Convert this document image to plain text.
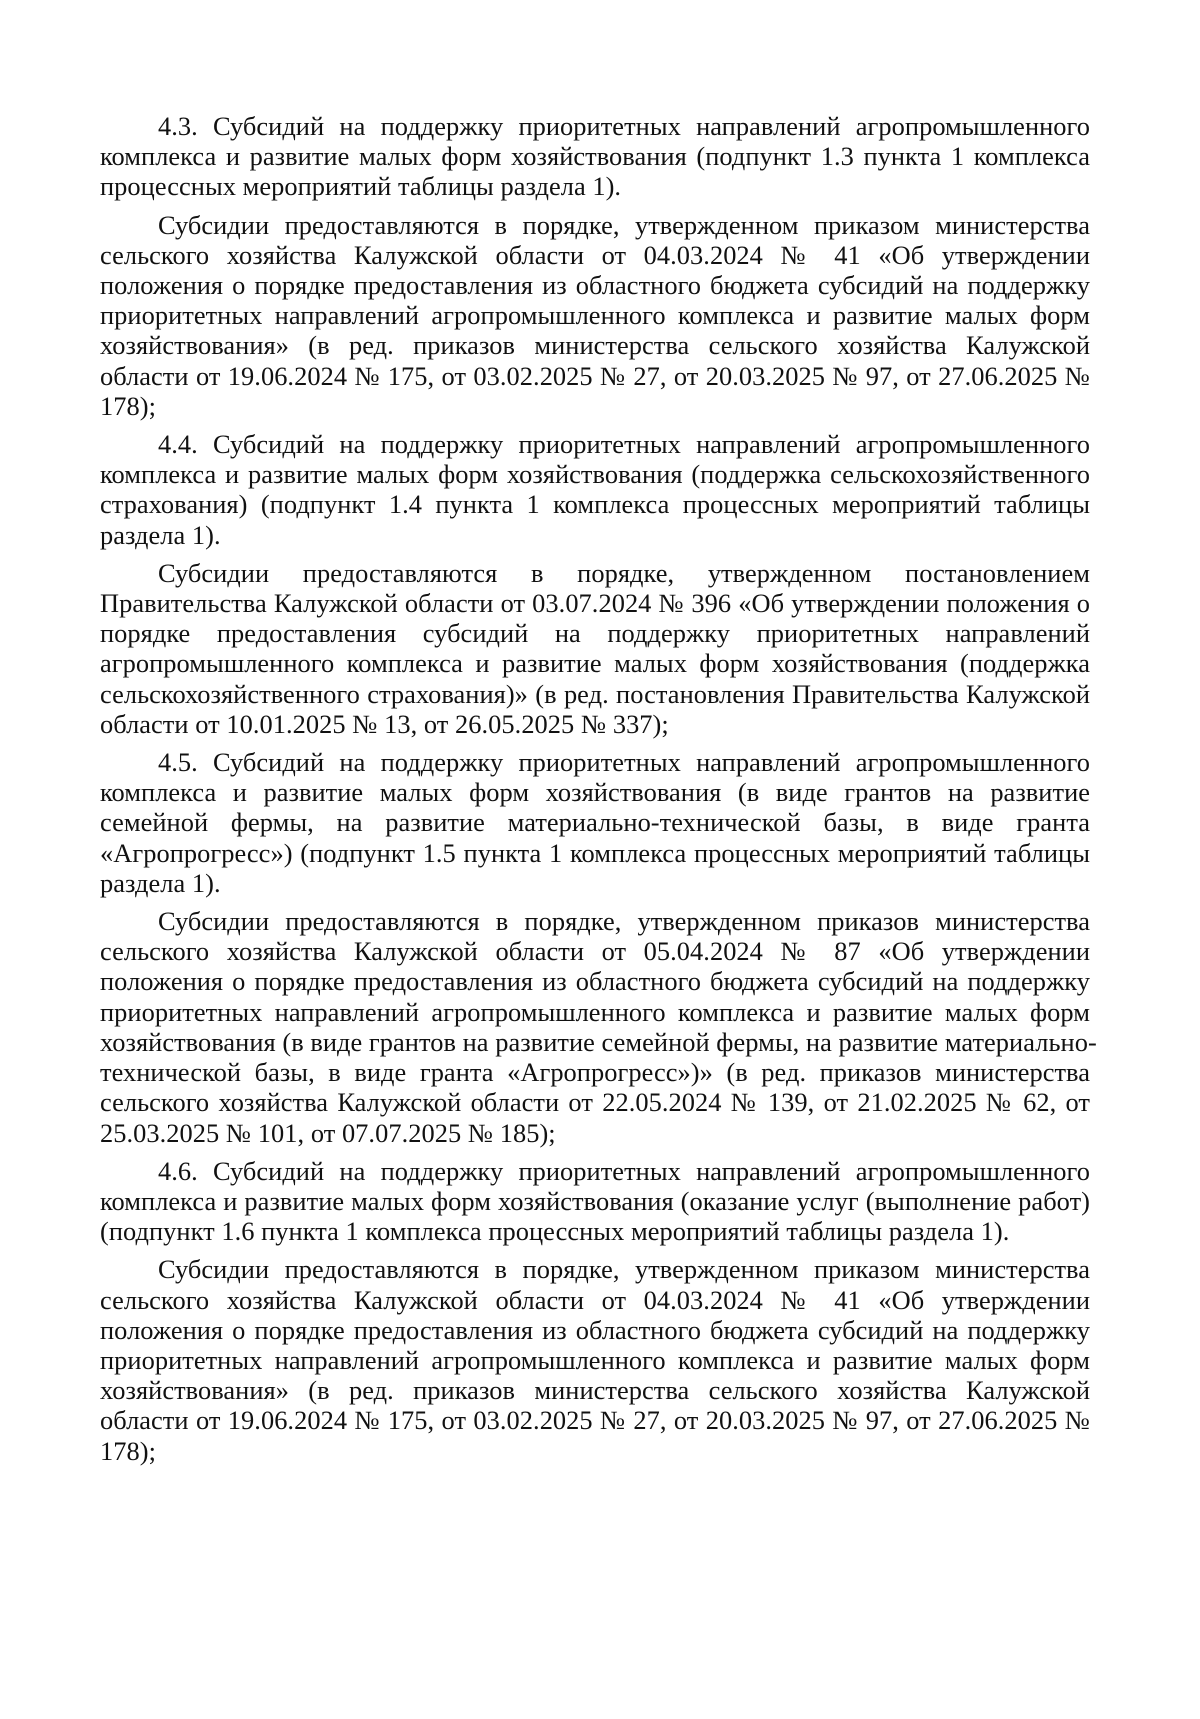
4.3. Субсидий на поддержку приоритетных направлений агропромышленного
комплекса и развитие малых форм хозяйствования (подпункт 1.3 пункта 1 комплекса
процессных мероприятий таблицы раздела 1).
Субсидии предоставляются в порядке, утвержденном приказом министерства
сельского хозяйства Калужской области от 04.03.2024 № 41 «Об утверждении
положения о порядке предоставления из областного бюджета субсидий на поддержку
приоритетных направлений агропромышленного комплекса и развитие малых форм
хозяйствования» (в ред. приказов министерства сельского хозяйства Калужской
области от 19.06.2024 № 175, от 03.02.2025 № 27, от 20.03.2025 № 97, от 27.06.2025 №
178);
4.4. Субсидий на поддержку приоритетных направлений агропромышленного
комплекса и развитие малых форм хозяйствования (поддержка сельскохозяйственного
страхования) (подпункт 1.4 пункта 1 комплекса процессных мероприятий таблицы
раздела 1).
Субсидии предоставляются в порядке, утвержденном постановлением
Правительства Калужской области от 03.07.2024 № 396 «Об утверждении положения о
порядке предоставления субсидий на поддержку приоритетных направлений
агропромышленного комплекса и развитие малых форм хозяйствования (поддержка
сельскохозяйственного страхования)» (в ред. постановления Правительства Калужской
области от 10.01.2025 № 13, от 26.05.2025 № 337);
4.5. Субсидий на поддержку приоритетных направлений агропромышленного
комплекса и развитие малых форм хозяйствования (в виде грантов на развитие
семейной фермы, на развитие материально-технической базы, в виде гранта
«Агропрогресс») (подпункт 1.5 пункта 1 комплекса процессных мероприятий таблицы
раздела 1).
Субсидии предоставляются в порядке, утвержденном приказов министерства
сельского хозяйства Калужской области от 05.04.2024 № 87 «Об утверждении
положения о порядке предоставления из областного бюджета субсидий на поддержку
приоритетных направлений агропромышленного комплекса и развитие малых форм
хозяйствования (в виде грантов на развитие семейной фермы, на развитие материально-
технической базы, в виде гранта «Агропрогресс»)» (в ред. приказов министерства
сельского хозяйства Калужской области от 22.05.2024 № 139, от 21.02.2025 № 62, от
25.03.2025 № 101, от 07.07.2025 № 185);
4.6. Субсидий на поддержку приоритетных направлений агропромышленного
комплекса и развитие малых форм хозяйствования (оказание услуг (выполнение работ)
(подпункт 1.6 пункта 1 комплекса процессных мероприятий таблицы раздела 1).
Субсидии предоставляются в порядке, утвержденном приказом министерства
сельского хозяйства Калужской области от 04.03.2024 № 41 «Об утверждении
положения о порядке предоставления из областного бюджета субсидий на поддержку
приоритетных направлений агропромышленного комплекса и развитие малых форм
хозяйствования» (в ред. приказов министерства сельского хозяйства Калужской
области от 19.06.2024 № 175, от 03.02.2025 № 27, от 20.03.2025 № 97, от 27.06.2025 №
178);
